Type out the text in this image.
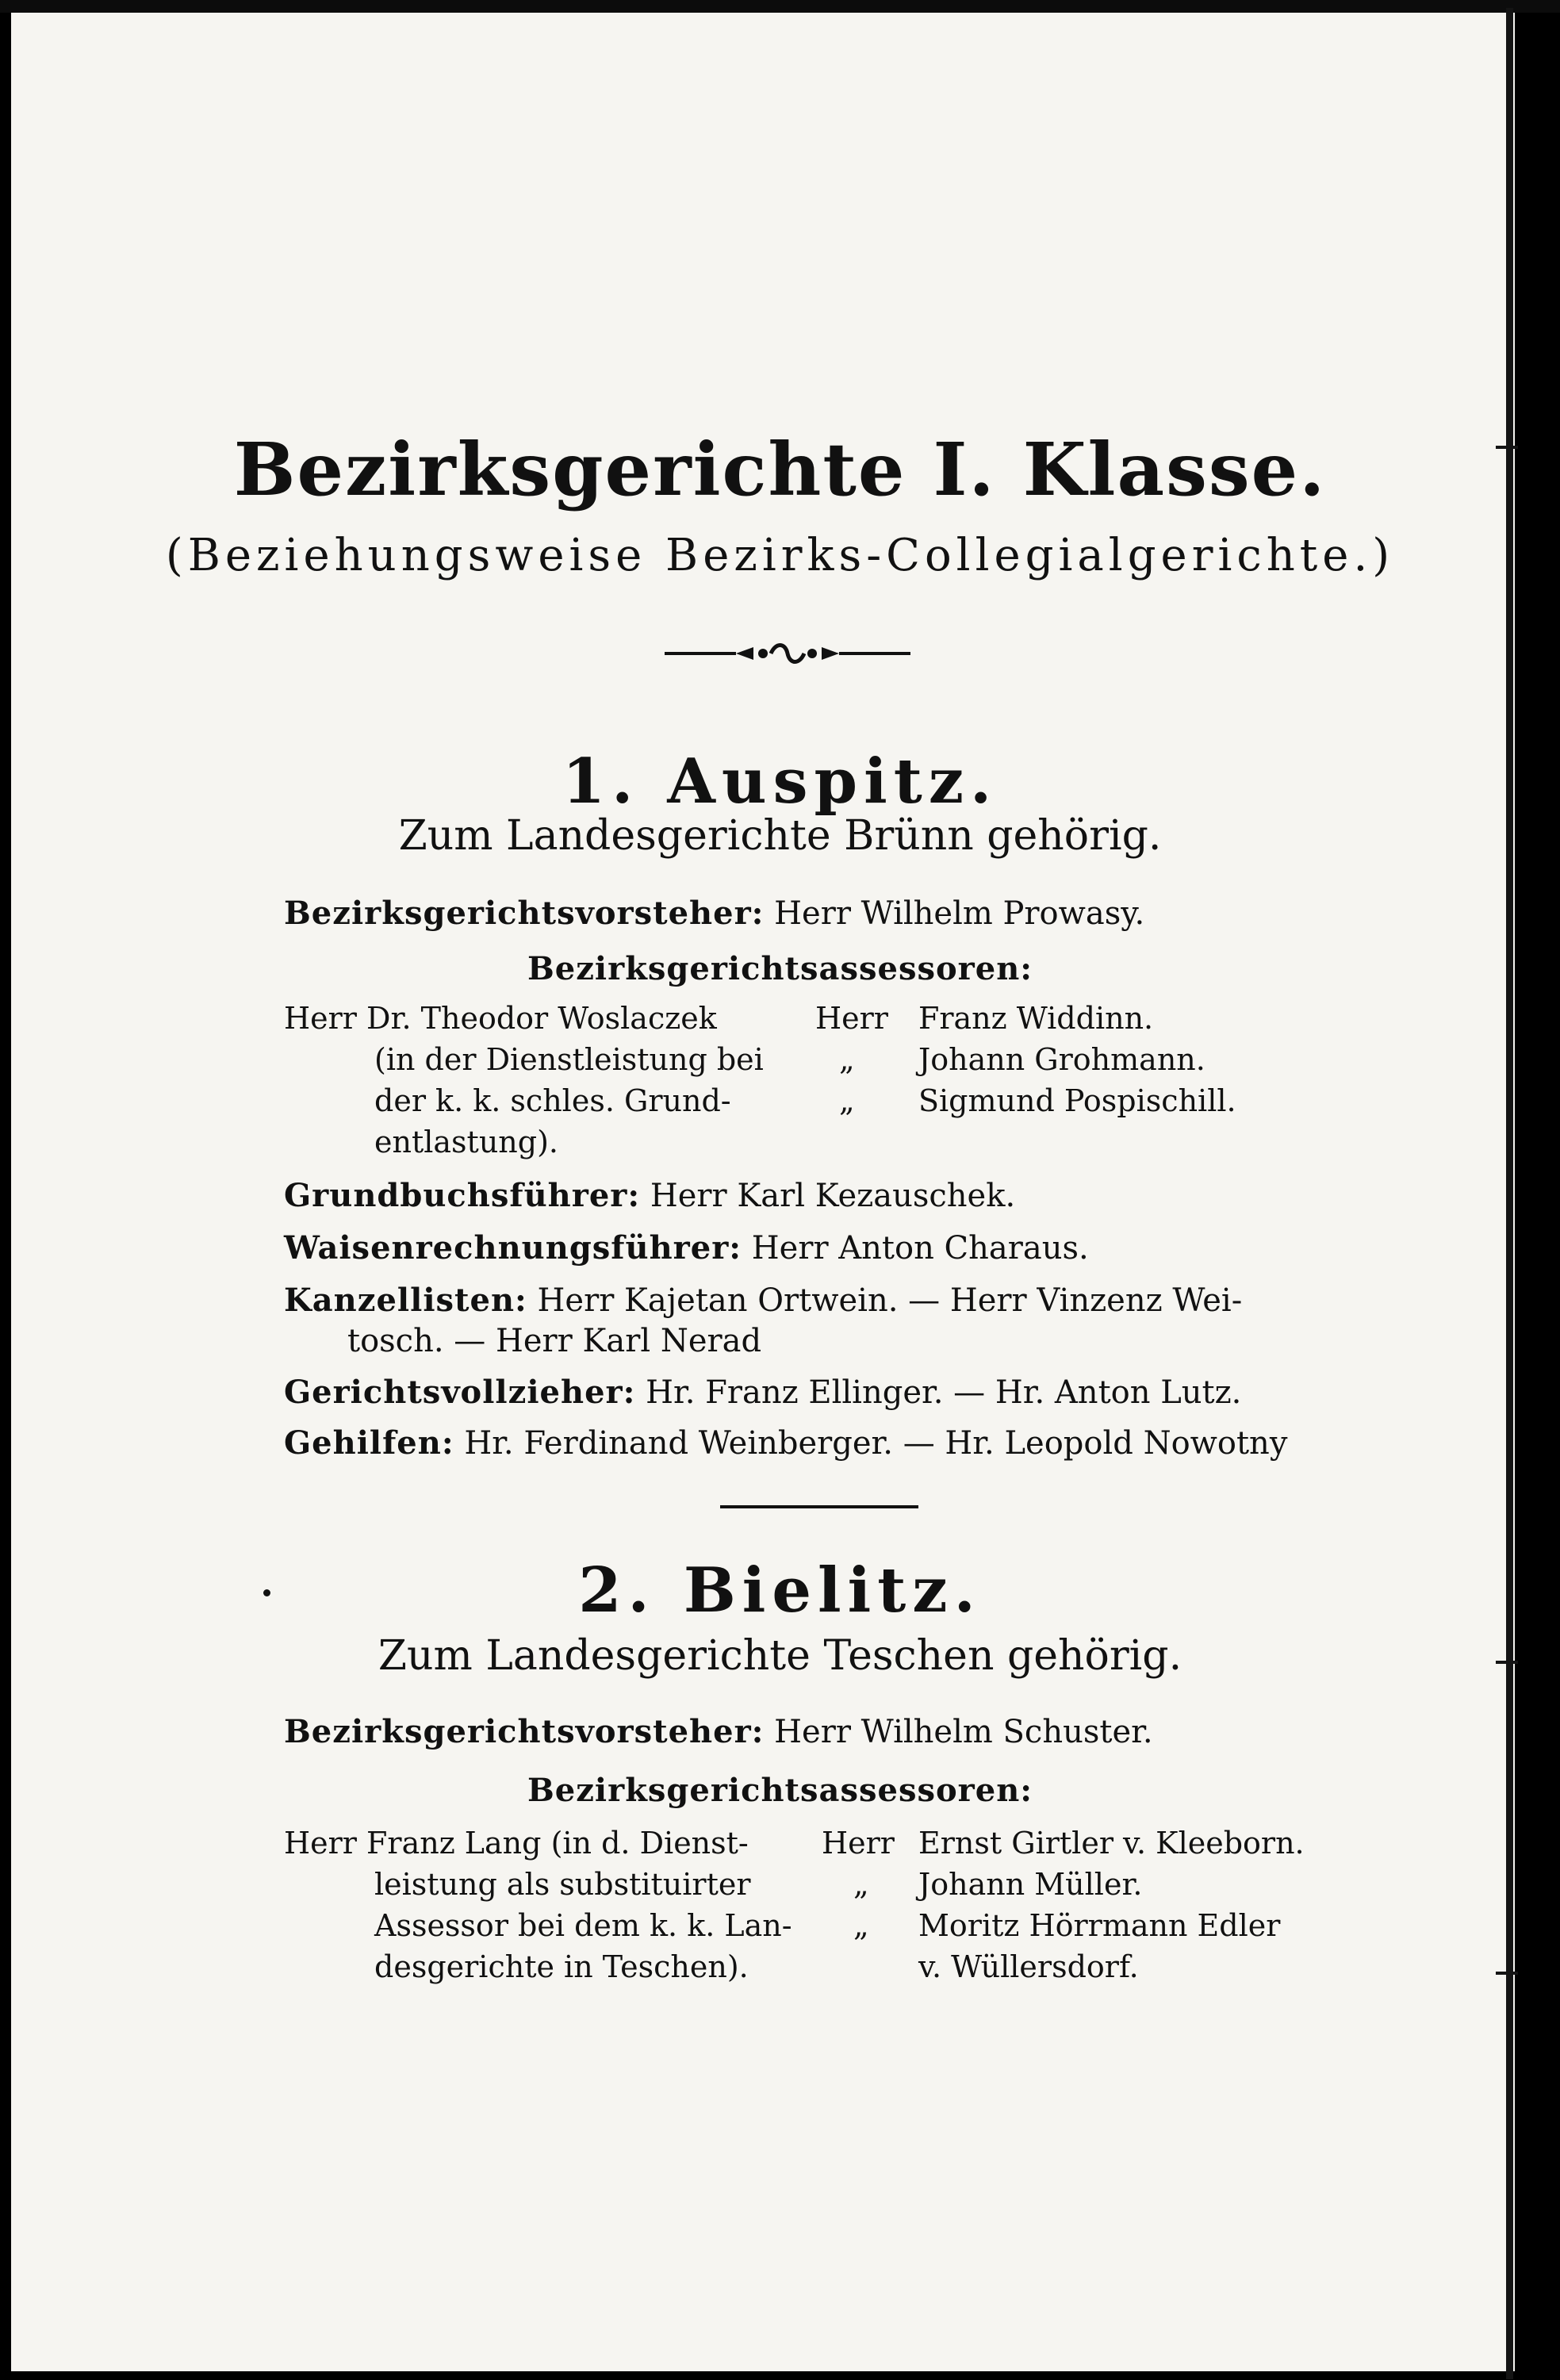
Bezirksgerichte I. Klasse.
(Beziehungsweise Bezirks-Collegialgerichte.)
1. Auspitz.
Zum Landesgerichte Brünn gehörig.
Bezirksgerichtsvorsteher: Herr Wilhelm Prowasy.
Bezirksgerichtsassessoren:
Herr Dr. Theodor Woslaczek
(in der Dienstleistung bei
der k. k. schles. Grund-
entlastung).
Herr
„
„
Franz Widdinn.
Johann Grohmann.
Sigmund Pospischill.
Grundbuchsführer: Herr Karl Kezauschek.
Waisenrechnungsführer: Herr Anton Charaus.
Kanzellisten: Herr Kajetan Ortwein. — Herr Vinzenz Wei-
tosch. — Herr Karl Nerad
Gerichtsvollzieher: Hr. Franz Ellinger. — Hr. Anton Lutz.
Gehilfen: Hr. Ferdinand Weinberger. — Hr. Leopold Nowotny
2. Bielitz.
Zum Landesgerichte Teschen gehörig.
Bezirksgerichtsvorsteher: Herr Wilhelm Schuster.
Bezirksgerichtsassessoren:
Herr Franz Lang (in d. Dienst-
leistung als substituirter
Assessor bei dem k. k. Lan-
desgerichte in Teschen).
Herr
„
„
Ernst Girtler v. Kleeborn.
Johann Müller.
Moritz Hörrmann Edler
v. Wüllersdorf.
